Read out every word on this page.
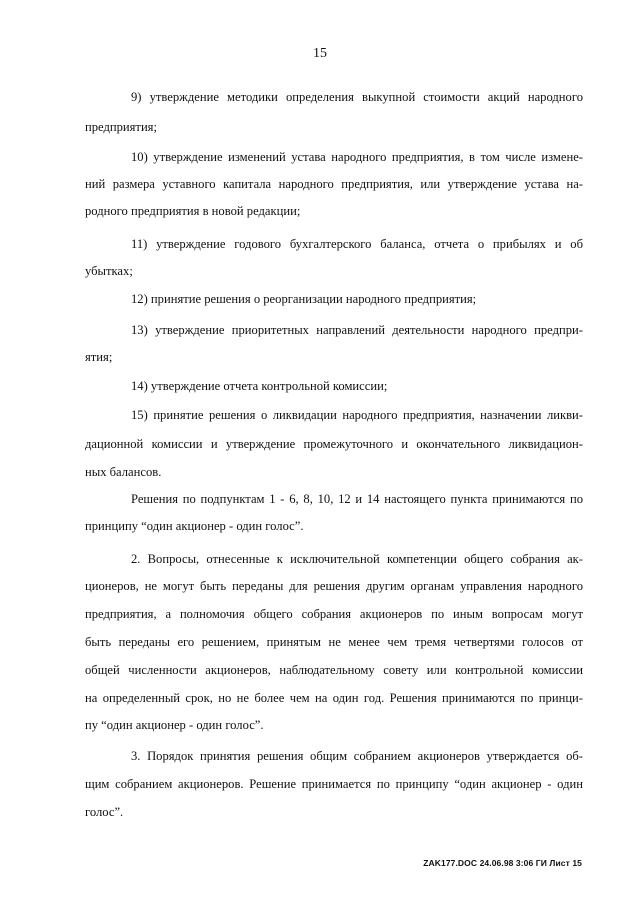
15
9) утверждение методики определения выкупной стоимости акций народного
предприятия;
10) утверждение изменений устава народного предприятия, в том числе измене-
ний размера уставного капитала народного предприятия, или утверждение устава на-
родного предприятия в новой редакции;
11) утверждение годового бухгалтерского баланса, отчета о прибылях и об
убытках;
12) принятие решения о реорганизации народного предприятия;
13) утверждение приоритетных направлений деятельности народного предпри-
ятия;
14) утверждение отчета контрольной комиссии;
15) принятие решения о ликвидации народного предприятия, назначении ликви-
дационной комиссии и утверждение промежуточного и окончательного ликвидацион-
ных балансов.
Решения по подпунктам 1 - 6, 8, 10, 12 и 14 настоящего пункта принимаются по
принципу “один акционер - один голос”.
2. Вопросы, отнесенные к исключительной компетенции общего собрания ак-
ционеров, не могут быть переданы для решения другим органам управления народного
предприятия, а полномочия общего собрания акционеров по иным вопросам могут
быть переданы его решением, принятым не менее чем тремя четвертями голосов от
общей численности акционеров, наблюдательному совету или контрольной комиссии
на определенный срок, но не более чем на один год. Решения принимаются по принци-
пу “один акционер - один голос”.
3. Порядок принятия решения общим собранием акционеров утверждается об-
щим собранием акционеров. Решение принимается по принципу “один акционер - один
голос”.
ZAK177.DOC 24.06.98 3:06 ГИ Лист 15
